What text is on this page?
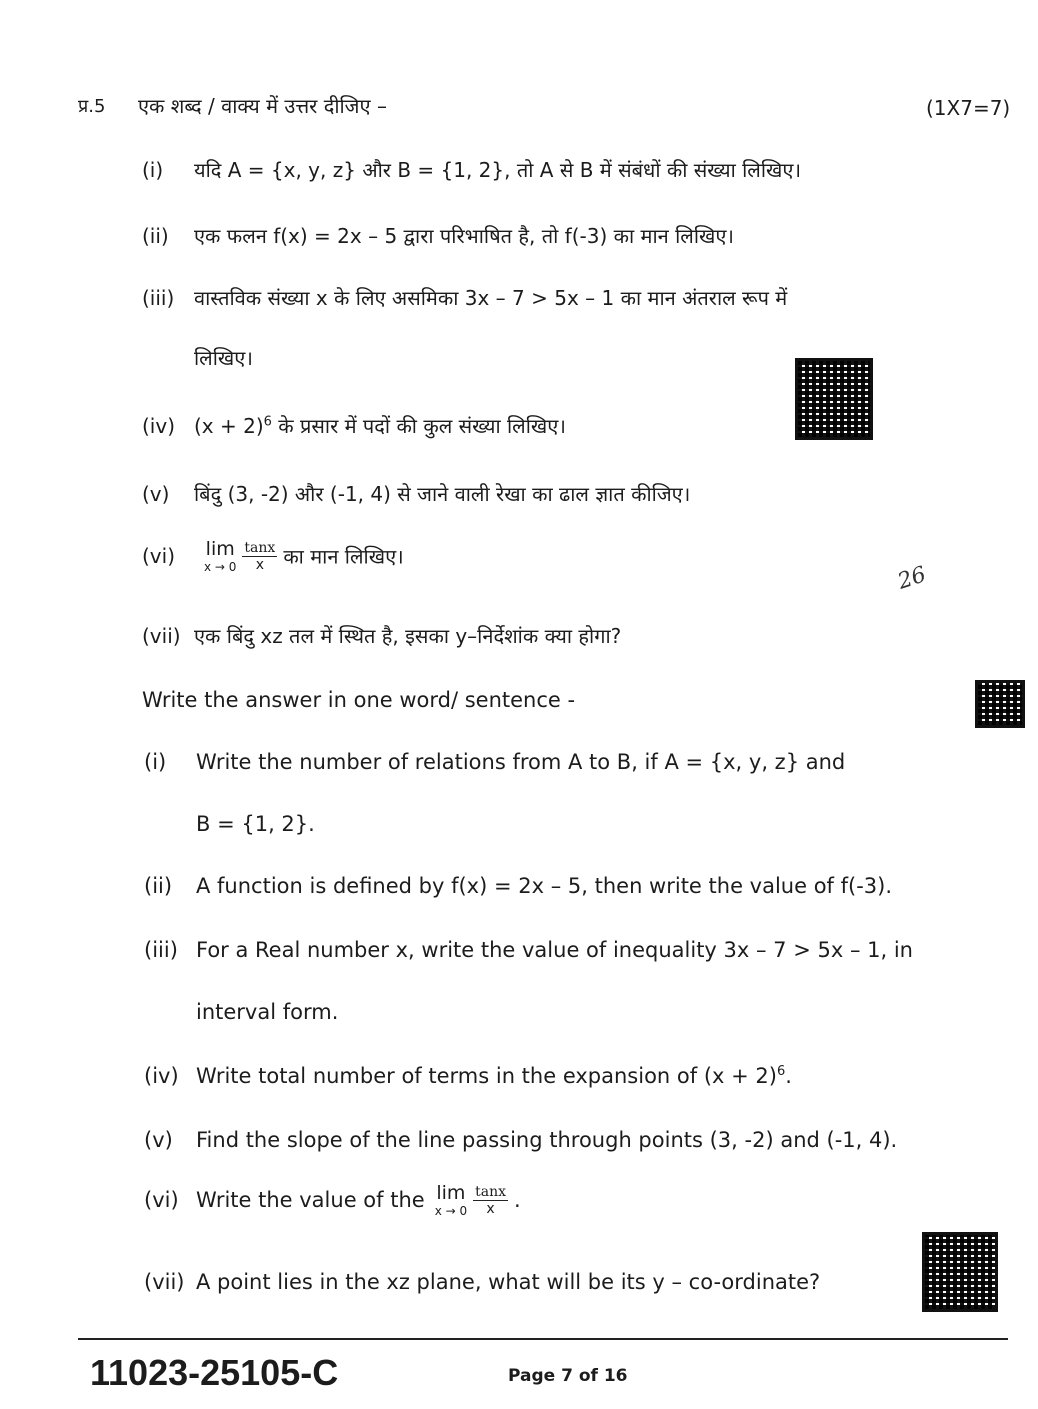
प्र.5 एक शब्द / वाक्य में उत्तर दीजिए –	(1X7=7)
(i) यदि A = {x, y, z} और B = {1, 2}, तो A से B में संबंधों की संख्या लिखिए।
(ii) एक फलन f(x) = 2x – 5 द्वारा परिभाषित है, तो f(-3) का मान लिखिए।
(iii) वास्तविक संख्या x के लिए असमिका 3x – 7 > 5x – 1 का मान अंतराल रूप में
लिखिए।
(iv) $(x + 2)^6$ के प्रसार में पदों की कुल संख्या लिखिए।
(v) बिंदु (3, -2) और (-1, 4) से जाने वाली रेखा का ढाल ज्ञात कीजिए।
(vi) lim
$x \to 0 \frac{\tan x}{x}$ का मान लिखिए।
(vii) एक बिंदु xz तल में स्थित है, इसका y–निर्देशांक क्या होगा?
Write the answer in one word/ sentence -
(i) Write the number of relations from A to B, if A = {x, y, z} and
B = {1, 2}.
(ii) A function is defined by f(x) = 2x – 5, then write the value of f(-3).
(iii) For a Real number x, write the value of inequality 3x – 7 > 5x – 1, in
interval form.
(iv) Write total number of terms in the expansion of $(x + 2)^6$.
(v) Find the slope of the line passing through points (3, -2) and (-1, 4).
(vi) Write the value of the lim
$x \to 0 \frac{\tan x}{x}$ .
(vii) A point lies in the xz plane, what will be its y – co-ordinate?
26
11023-25105-C	Page 7 of 16
